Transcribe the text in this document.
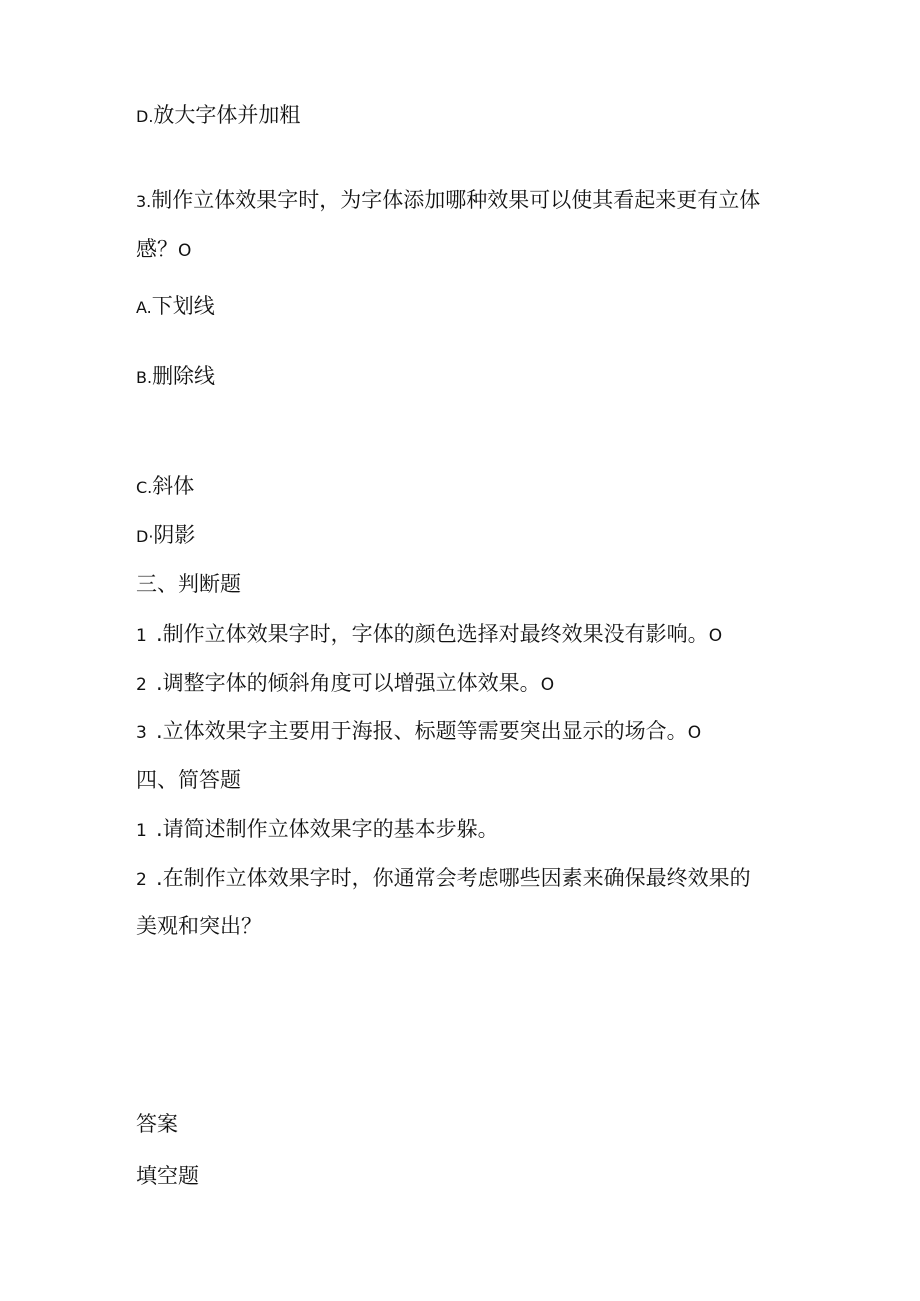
D.放大字体并加粗
3.制作立体效果字时，为字体添加哪种效果可以使其看起来更有立体
感？O
A.下划线
B.删除线
C.斜体
D·阴影
三、判断题
1 .制作立体效果字时，字体的颜色选择对最终效果没有影响。O
2 .调整字体的倾斜角度可以增强立体效果。O
3 .立体效果字主要用于海报、标题等需要突出显示的场合。O
四、简答题
1 .请简述制作立体效果字的基本步躲。
2 .在制作立体效果字时，你通常会考虑哪些因素来确保最终效果的
美观和突出？
答案
填空题
